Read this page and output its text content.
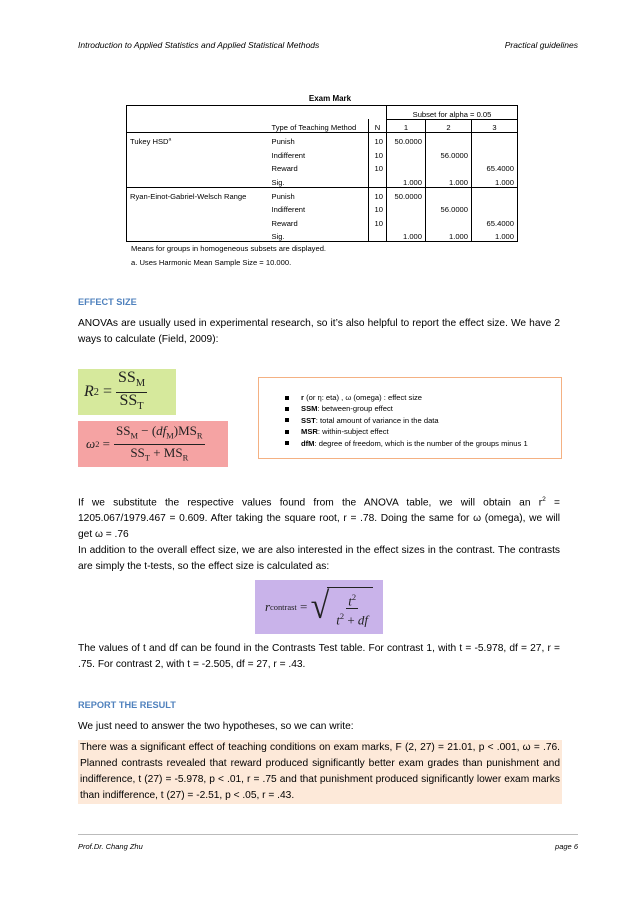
Introduction to Applied Statistics and Applied Statistical Methods	Practical guidelines
Exam Mark
			Subset for alpha = 0.05		
	Type of Teaching Method	N	1	2	3
Tukey HSD$^a$	Punish	10	50.0000		
	Indifferent	10		56.0000	
	Reward	10			65.4000
	Sig.		1.000	1.000	1.000
Ryan-Einot-Gabriel-Welsch Range	Punish	10	50.0000		
	Indifferent	10		56.0000	
	Reward	10			65.4000
	Sig.		1.000	1.000	1.000
Means for groups in homogeneous subsets are displayed.
a. Uses Harmonic Mean Sample Size = 10.000.
EFFECT SIZE
ANOVAs are usually used in experimental research, so it’s also helpful to report the effect size. We have 2 ways to calculate (Field, 2009):
R $2 = \frac{SS_M}{SS_T}$
ω $2 = \frac{SS_M - (df_M)MS_R}{SS_T + MS_R}$
r (or η: eta) , ω (omega) : effect size
SSM: between-group effect
SST: total amount of variance in the data
MSR: within-subject effect
dfM: degree of freedom, which is the number of the groups minus 1
If we substitute the respective values found from the ANOVA table, we will obtain an $r^2 = 1205.067/1979.467 = 0.609$. After taking the square root, r = .78. Doing the same for ω (omega), we will get ω = .76
In addition to the overall effect size, we are also interested in the effect sizes in the contrast. The contrasts are simply the t-tests, so the effect size is calculated as:
r contrast = √ $\frac{t^2}{t^2 + df}$
The values of t and df can be found in the Contrasts Test table. For contrast 1, with t = -5.978, df = 27, r = .75. For contrast 2, with t = -2.505, df = 27, r = .43.
REPORT THE RESULT
We just need to answer the two hypotheses, so we can write:
There was a significant effect of teaching conditions on exam marks, F (2, 27) = 21.01, p < .001, ω = .76. Planned contrasts revealed that reward produced significantly better exam grades than punishment and indifference, t (27) = -5.978, p < .01, r = .75 and that punishment produced significantly lower exam marks than indifference, t (27) = -2.51, p < .05, r = .43.
Prof.Dr. Chang Zhu	page 6
